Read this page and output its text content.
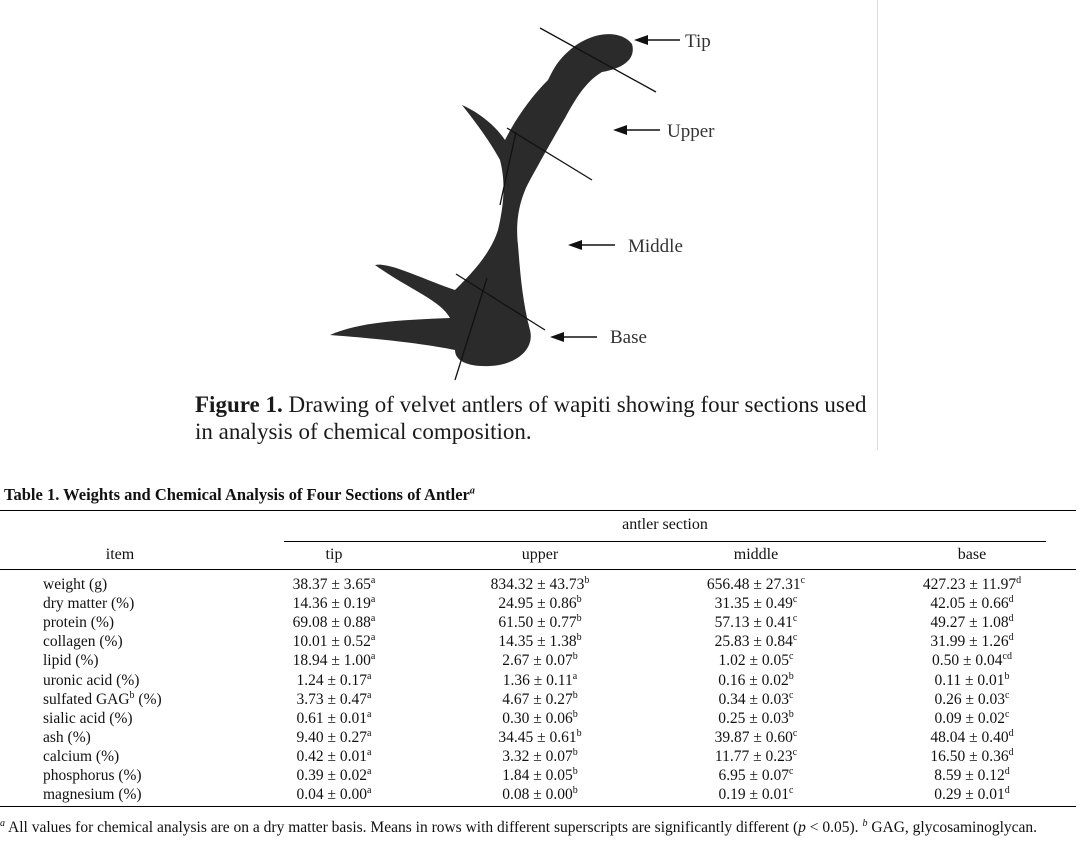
Tip
Upper
Middle
Base
Figure 1. Drawing of velvet antlers of wapiti showing four sections used in analysis of chemical composition.
Table 1. Weights and Chemical Analysis of Four Sections of Antler$^a$
antler section
item	tip	upper	middle	base
weight (g)	38.37 ± 3.65$^a$	834.32 ± 43.73$^b$	656.48 ± 27.31$^c$	427.23 ± 11.97$^d$
dry matter (%)	14.36 ± 0.19$^a$	24.95 ± 0.86$^b$	31.35 ± 0.49$^c$	42.05 ± 0.66$^d$
protein (%)	69.08 ± 0.88$^a$	61.50 ± 0.77$^b$	57.13 ± 0.41$^c$	49.27 ± 1.08$^d$
collagen (%)	10.01 ± 0.52$^a$	14.35 ± 1.38$^b$	25.83 ± 0.84$^c$	31.99 ± 1.26$^d$
lipid (%)	18.94 ± 1.00$^a$	2.67 ± 0.07$^b$	1.02 ± 0.05$^c$	0.50 ± 0.04$^{cd}$
uronic acid (%)	1.24 ± 0.17$^a$	1.36 ± 0.11$^a$	0.16 ± 0.02$^b$	0.11 ± 0.01$^b$
sulfated GAG$^b$ (%)	3.73 ± 0.47$^a$	4.67 ± 0.27$^b$	0.34 ± 0.03$^c$	0.26 ± 0.03$^c$
sialic acid (%)	0.61 ± 0.01$^a$	0.30 ± 0.06$^b$	0.25 ± 0.03$^b$	0.09 ± 0.02$^c$
ash (%)	9.40 ± 0.27$^a$	34.45 ± 0.61$^b$	39.87 ± 0.60$^c$	48.04 ± 0.40$^d$
calcium (%)	0.42 ± 0.01$^a$	3.32 ± 0.07$^b$	11.77 ± 0.23$^c$	16.50 ± 0.36$^d$
phosphorus (%)	0.39 ± 0.02$^a$	1.84 ± 0.05$^b$	6.95 ± 0.07$^c$	8.59 ± 0.12$^d$
magnesium (%)	0.04 ± 0.00$^a$	0.08 ± 0.00$^b$	0.19 ± 0.01$^c$	0.29 ± 0.01$^d$
$^a$ All values for chemical analysis are on a dry matter basis. Means in rows with different superscripts are significantly different (p < 0.05). $^b$ GAG, glycosaminoglycan.
